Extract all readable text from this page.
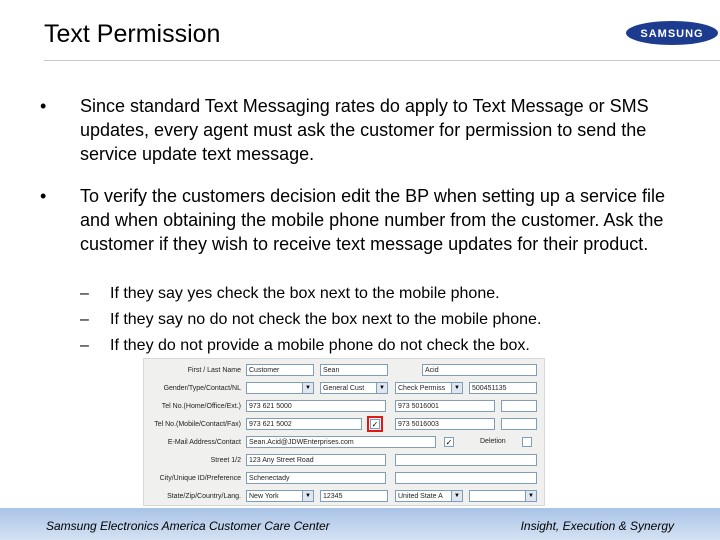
Text Permission	SAMSUNG
• Since standard Text Messaging rates do apply to Text Message or SMS updates, every agent must ask the customer for permission to send the service update text message.
• To verify the customers decision edit the BP when setting up a service file and when obtaining the mobile phone number from the customer. Ask the customer if they wish to receive text message updates for their product.
– If they say yes check the box next to the mobile phone.
– If they say no do not check the box next to the mobile phone.
– If they do not provide a mobile phone do not check the box.
First / Last Name	Customer	Sean	Acid
Gender/Type/Contact/NL	▼	General Cust	▼	Check Permiss	▼	500451135
Tel No.(Home/Office/Ext.)	973 621 5000	973 5016001
Tel No.(Mobile/Contact/Fax)	973 621 5002	✓	973 5016003
E-Mail Address/Contact	Sean.Acid@JDWEnterprises.com	✓	Deletion
Street 1/2	123 Any Street Road
City/Unique ID/Preference	Schenectady
State/Zip/Country/Lang.	New York	▼	12345	United State A	▼	▼
Samsung Electronics America Customer Care Center	Insight, Execution & Synergy
